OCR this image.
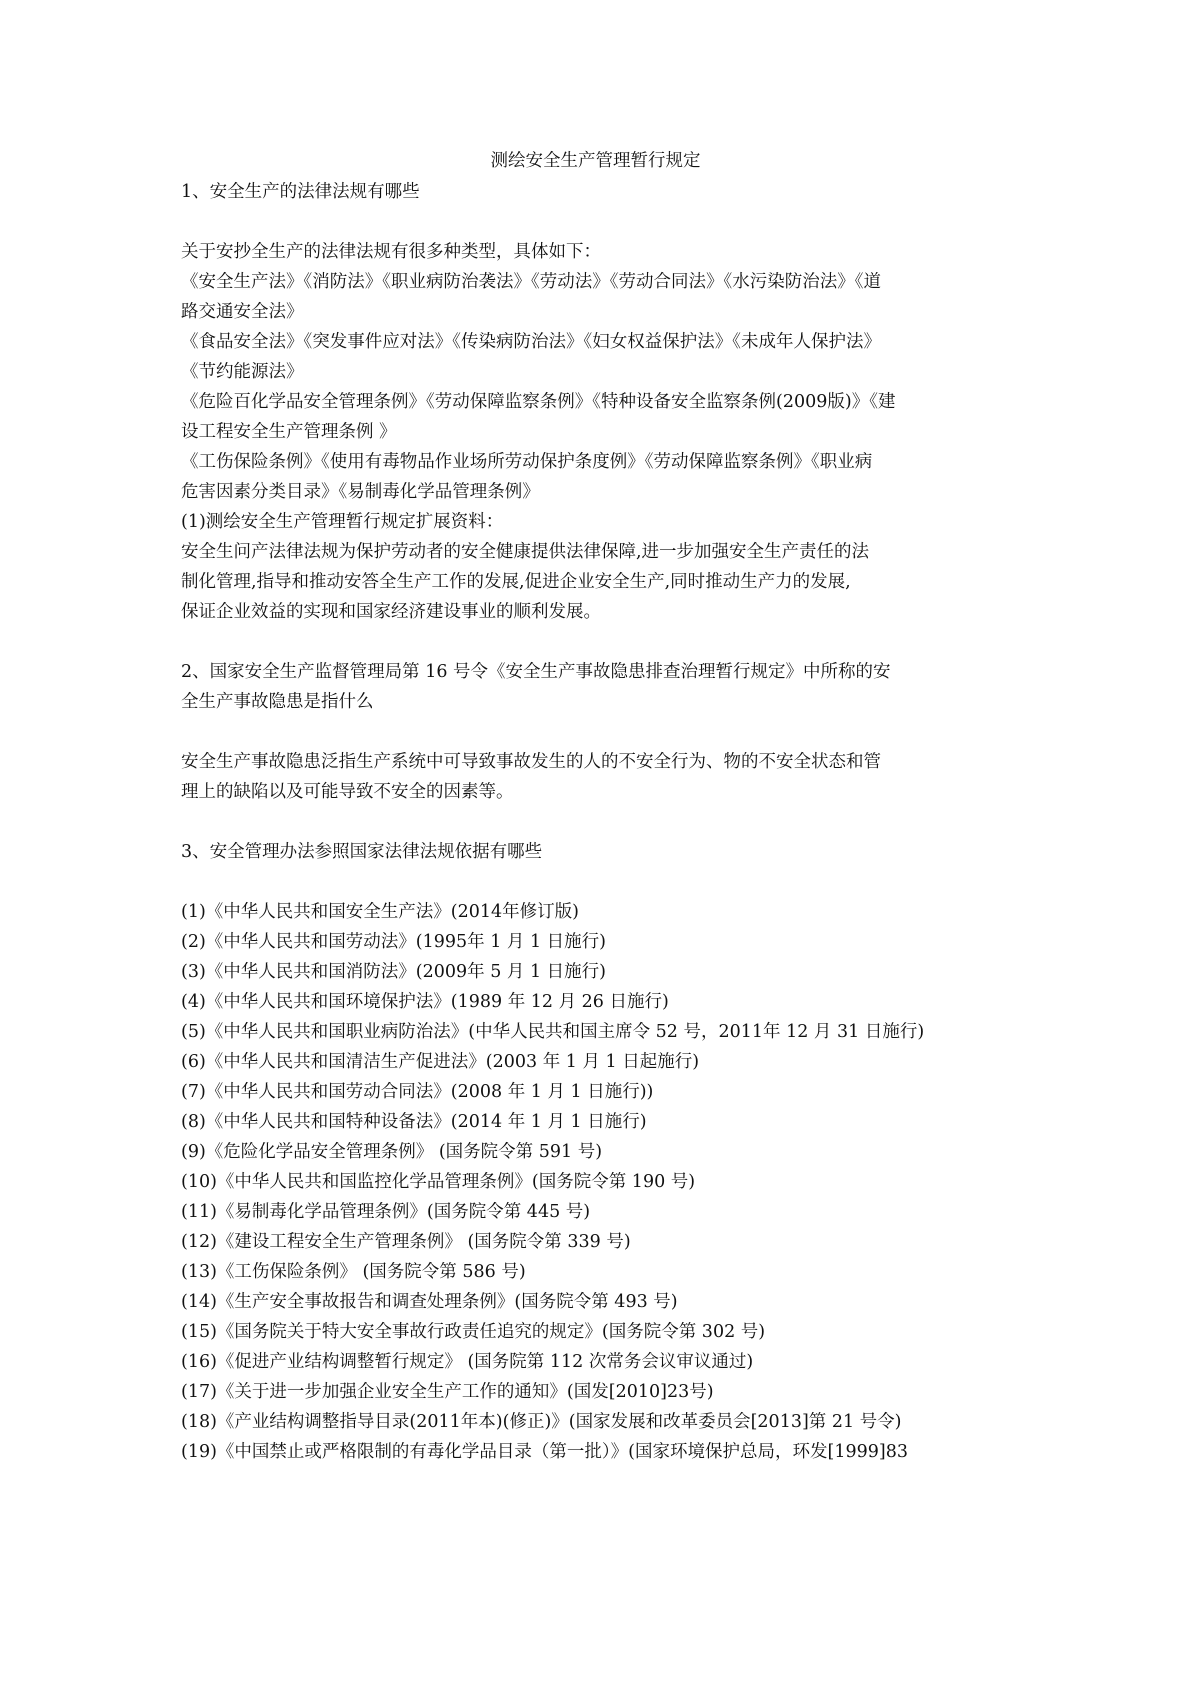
测绘安全生产管理暂行规定
1、安全生产的法律法规有哪些
关于安抄全生产的法律法规有很多种类型，具体如下：
《安全生产法》《消防法》《职业病防治袭法》《劳动法》《劳动合同法》《水污染防治法》《道
路交通安全法》
《食品安全法》《突发事件应对法》《传染病防治法》《妇女权益保护法》《未成年人保护法》
《节约能源法》
《危险百化学品安全管理条例》《劳动保障监察条例》《特种设备安全监察条例(2009版)》《建
设工程安全生产管理条例 》
《工伤保险条例》《使用有毒物品作业场所劳动保护条度例》《劳动保障监察条例》《职业病
危害因素分类目录》《易制毒化学品管理条例》
(1)测绘安全生产管理暂行规定扩展资料：
安全生问产法律法规为保护劳动者的安全健康提供法律保障,进一步加强安全生产责任的法
制化管理,指导和推动安答全生产工作的发展,促进企业安全生产,同时推动生产力的发展,
保证企业效益的实现和国家经济建设事业的顺利发展。
2、国家安全生产监督管理局第 16 号令《安全生产事故隐患排查治理暂行规定》中所称的安
全生产事故隐患是指什么
安全生产事故隐患泛指生产系统中可导致事故发生的人的不安全行为、物的不安全状态和管
理上的缺陷以及可能导致不安全的因素等。
3、安全管理办法参照国家法律法规依据有哪些
(1)《中华人民共和国安全生产法》(2014年修订版)
(2)《中华人民共和国劳动法》(1995年 1 月 1 日施行)
(3)《中华人民共和国消防法》(2009年 5 月 1 日施行)
(4)《中华人民共和国环境保护法》(1989 年 12 月 26 日施行)
(5)《中华人民共和国职业病防治法》(中华人民共和国主席令 52 号，2011年 12 月 31 日施行)
(6)《中华人民共和国清洁生产促进法》(2003 年 1 月 1 日起施行)
(7)《中华人民共和国劳动合同法》(2008 年 1 月 1 日施行))
(8)《中华人民共和国特种设备法》(2014 年 1 月 1 日施行)
(9)《危险化学品安全管理条例》 (国务院令第 591 号)
(10)《中华人民共和国监控化学品管理条例》(国务院令第 190 号)
(11)《易制毒化学品管理条例》(国务院令第 445 号)
(12)《建设工程安全生产管理条例》 (国务院令第 339 号)
(13)《工伤保险条例》 (国务院令第 586 号)
(14)《生产安全事故报告和调查处理条例》(国务院令第 493 号)
(15)《国务院关于特大安全事故行政责任追究的规定》(国务院令第 302 号)
(16)《促进产业结构调整暂行规定》 (国务院第 112 次常务会议审议通过)
(17)《关于进一步加强企业安全生产工作的通知》(国发[2010]23号)
(18)《产业结构调整指导目录(2011年本)(修正)》(国家发展和改革委员会[2013]第 21 号令)
(19)《中国禁止或严格限制的有毒化学品目录（第一批）》(国家环境保护总局，环发[1999]83
